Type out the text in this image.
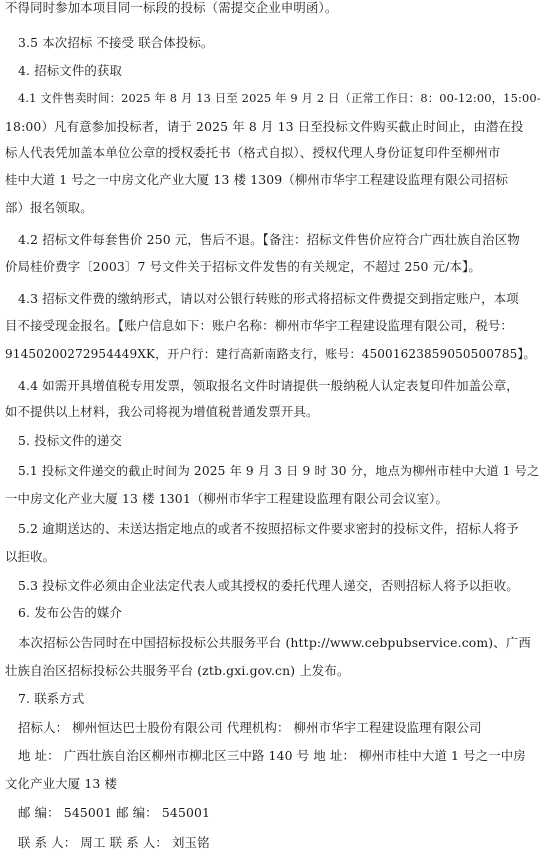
不得同时参加本项目同一标段的投标（需提交企业申明函）。
3.5 本次招标 不接受 联合体投标。
4. 招标文件的获取
4.1 文件售卖时间：2025 年 8 月 13 日至 2025 年 9 月 2 日（正常工作日：8：00-12:00，15:00-
18:00）凡有意参加投标者，请于 2025 年 8 月 13 日至投标文件购买截止时间止，由潜在投
标人代表凭加盖本单位公章的授权委托书（格式自拟）、授权代理人身份证复印件至柳州市
桂中大道 1 号之一中房文化产业大厦 13 楼 1309（柳州市华宇工程建设监理有限公司招标
部）报名领取。
4.2 招标文件每套售价 250 元，售后不退。【备注：招标文件售价应符合广西壮族自治区物
价局桂价费字〔2003〕7 号文件关于招标文件发售的有关规定，不超过 250 元/本】。
4.3 招标文件费的缴纳形式，请以对公银行转账的形式将招标文件费提交到指定账户，本项
目不接受现金报名。【账户信息如下：账户名称：柳州市华宇工程建设监理有限公司，税号：
91450200272954449XK，开户行：建行高新南路支行，账号：45001623859050500785】。
4.4 如需开具增值税专用发票，领取报名文件时请提供一般纳税人认定表复印件加盖公章，
如不提供以上材料，我公司将视为增值税普通发票开具。
5. 投标文件的递交
5.1 投标文件递交的截止时间为 2025 年 9 月 3 日 9 时 30 分，地点为柳州市桂中大道 1 号之
一中房文化产业大厦 13 楼 1301（柳州市华宇工程建设监理有限公司会议室）。
5.2 逾期送达的、未送达指定地点的或者不按照招标文件要求密封的投标文件，招标人将予
以拒收。
5.3 投标文件必须由企业法定代表人或其授权的委托代理人递交，否则招标人将予以拒收。
6. 发布公告的媒介
本次招标公告同时在中国招标投标公共服务平台 (http://www.cebpubservice.com)、广西
壮族自治区招标投标公共服务平台 (ztb.gxi.gov.cn) 上发布。
7. 联系方式
招标人： 柳州恒达巴士股份有限公司 代理机构： 柳州市华宇工程建设监理有限公司
地 址： 广西壮族自治区柳州市柳北区三中路 140 号 地 址： 柳州市桂中大道 1 号之一中房
文化产业大厦 13 楼
邮 编： 545001 邮 编： 545001
联 系 人： 周工 联 系 人： 刘玉铭
